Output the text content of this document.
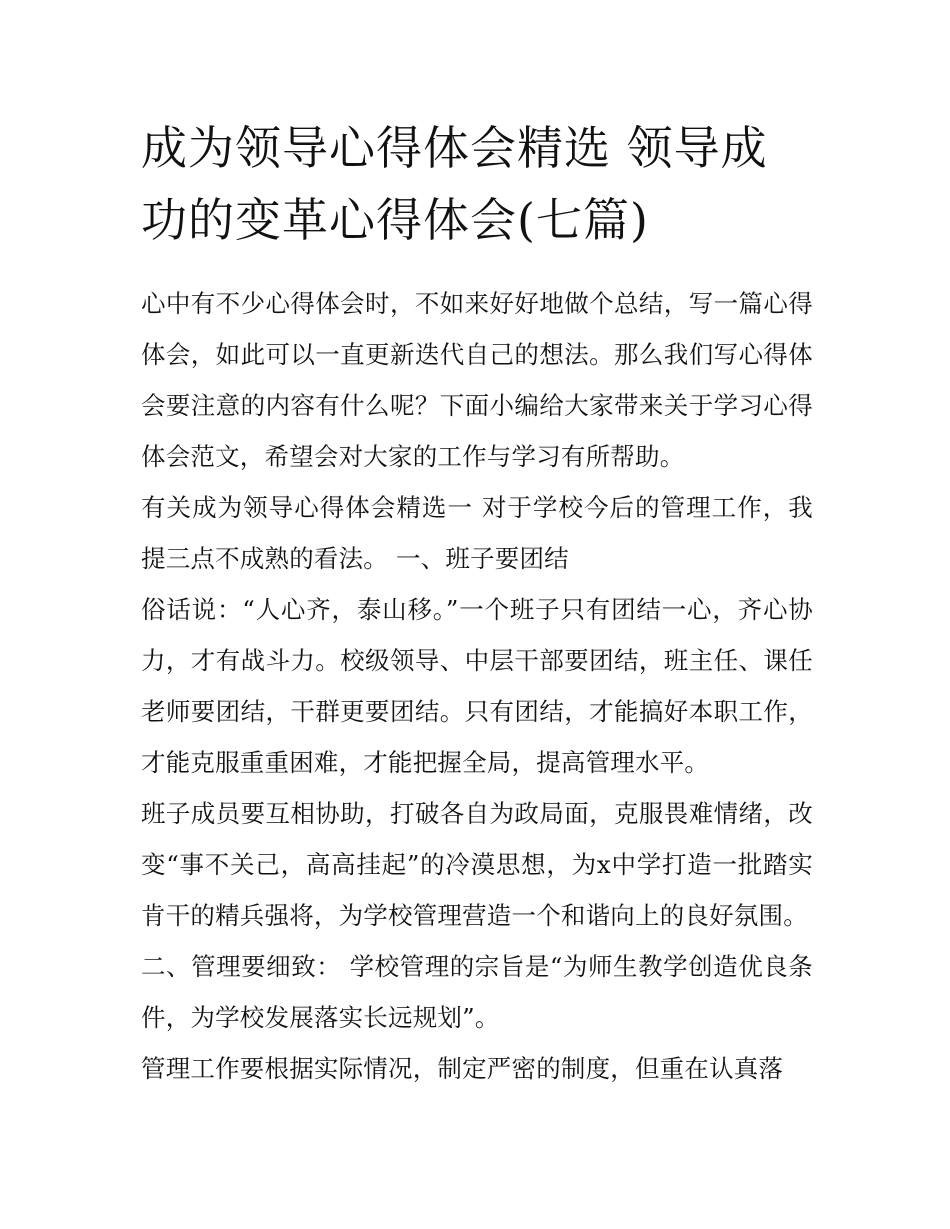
成为领导心得体会精选 领导成功的变革心得体会(七篇)

心中有不少心得体会时，不如来好好地做个总结，写一篇心得体会，如此可以一直更新迭代自己的想法。那么我们写心得体会要注意的内容有什么呢？下面小编给大家带来关于学习心得体会范文，希望会对大家的工作与学习有所帮助。

有关成为领导心得体会精选一 对于学校今后的管理工作，我提三点不成熟的看法。 一、班子要团结

俗话说：“人心齐，泰山移。”一个班子只有团结一心，齐心协力，才有战斗力。校级领导、中层干部要团结，班主任、课任老师要团结，干群更要团结。只有团结，才能搞好本职工作，才能克服重重困难，才能把握全局，提高管理水平。

班子成员要互相协助，打破各自为政局面，克服畏难情绪，改变“事不关己，高高挂起”的冷漠思想，为x中学打造一批踏实肯干的精兵强将，为学校管理营造一个和谐向上的良好氛围。

二、管理要细致： 学校管理的宗旨是“为师生教学创造优良条件，为学校发展落实长远规划”。

管理工作要根据实际情况，制定严密的制度，但重在认真落
